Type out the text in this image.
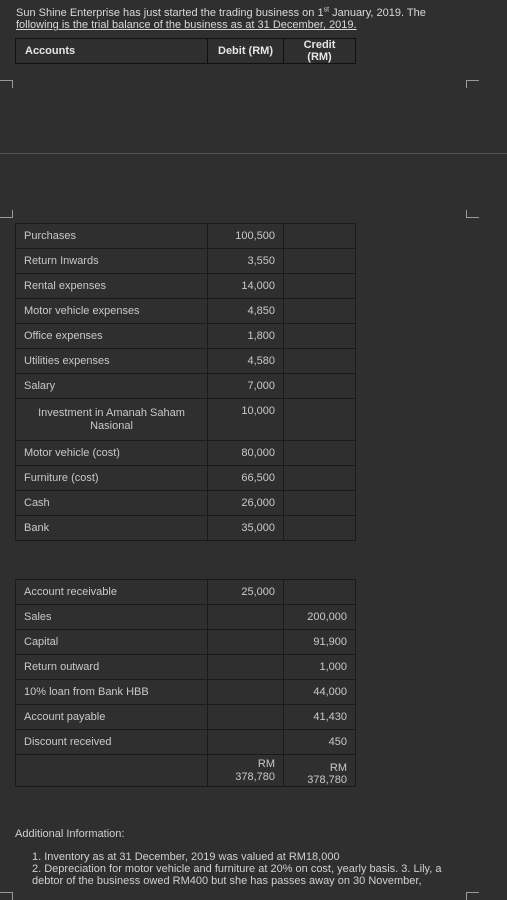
Sun Shine Enterprise has just started the trading business on 1st January, 2019. The
following is the trial balance of the business as at 31 December, 2019.
Accounts	Debit (RM)	Credit (RM)
Purchases	100,500	
Return Inwards	3,550	
Rental expenses	14,000	
Motor vehicle expenses	4,850	
Office expenses	1,800	
Utilities expenses	4,580	
Salary	7,000	
Investment in Amanah Saham Nasional	10,000	
Motor vehicle (cost)	80,000	
Furniture (cost)	66,500	
Cash	26,000	
Bank	35,000	
Account receivable	25,000	
Sales		200,000
Capital		91,900
Return outward		1,000
10% loan from Bank HBB		44,000
Account payable		41,430
Discount received		450
	RM 378,780	RM 378,780
Additional Information:
1. Inventory as at 31 December, 2019 was valued at RM18,000
2. Depreciation for motor vehicle and furniture at 20% on cost, yearly basis. 3. Lily, a debtor of the business owed RM400 but she has passes away on 30 November,
